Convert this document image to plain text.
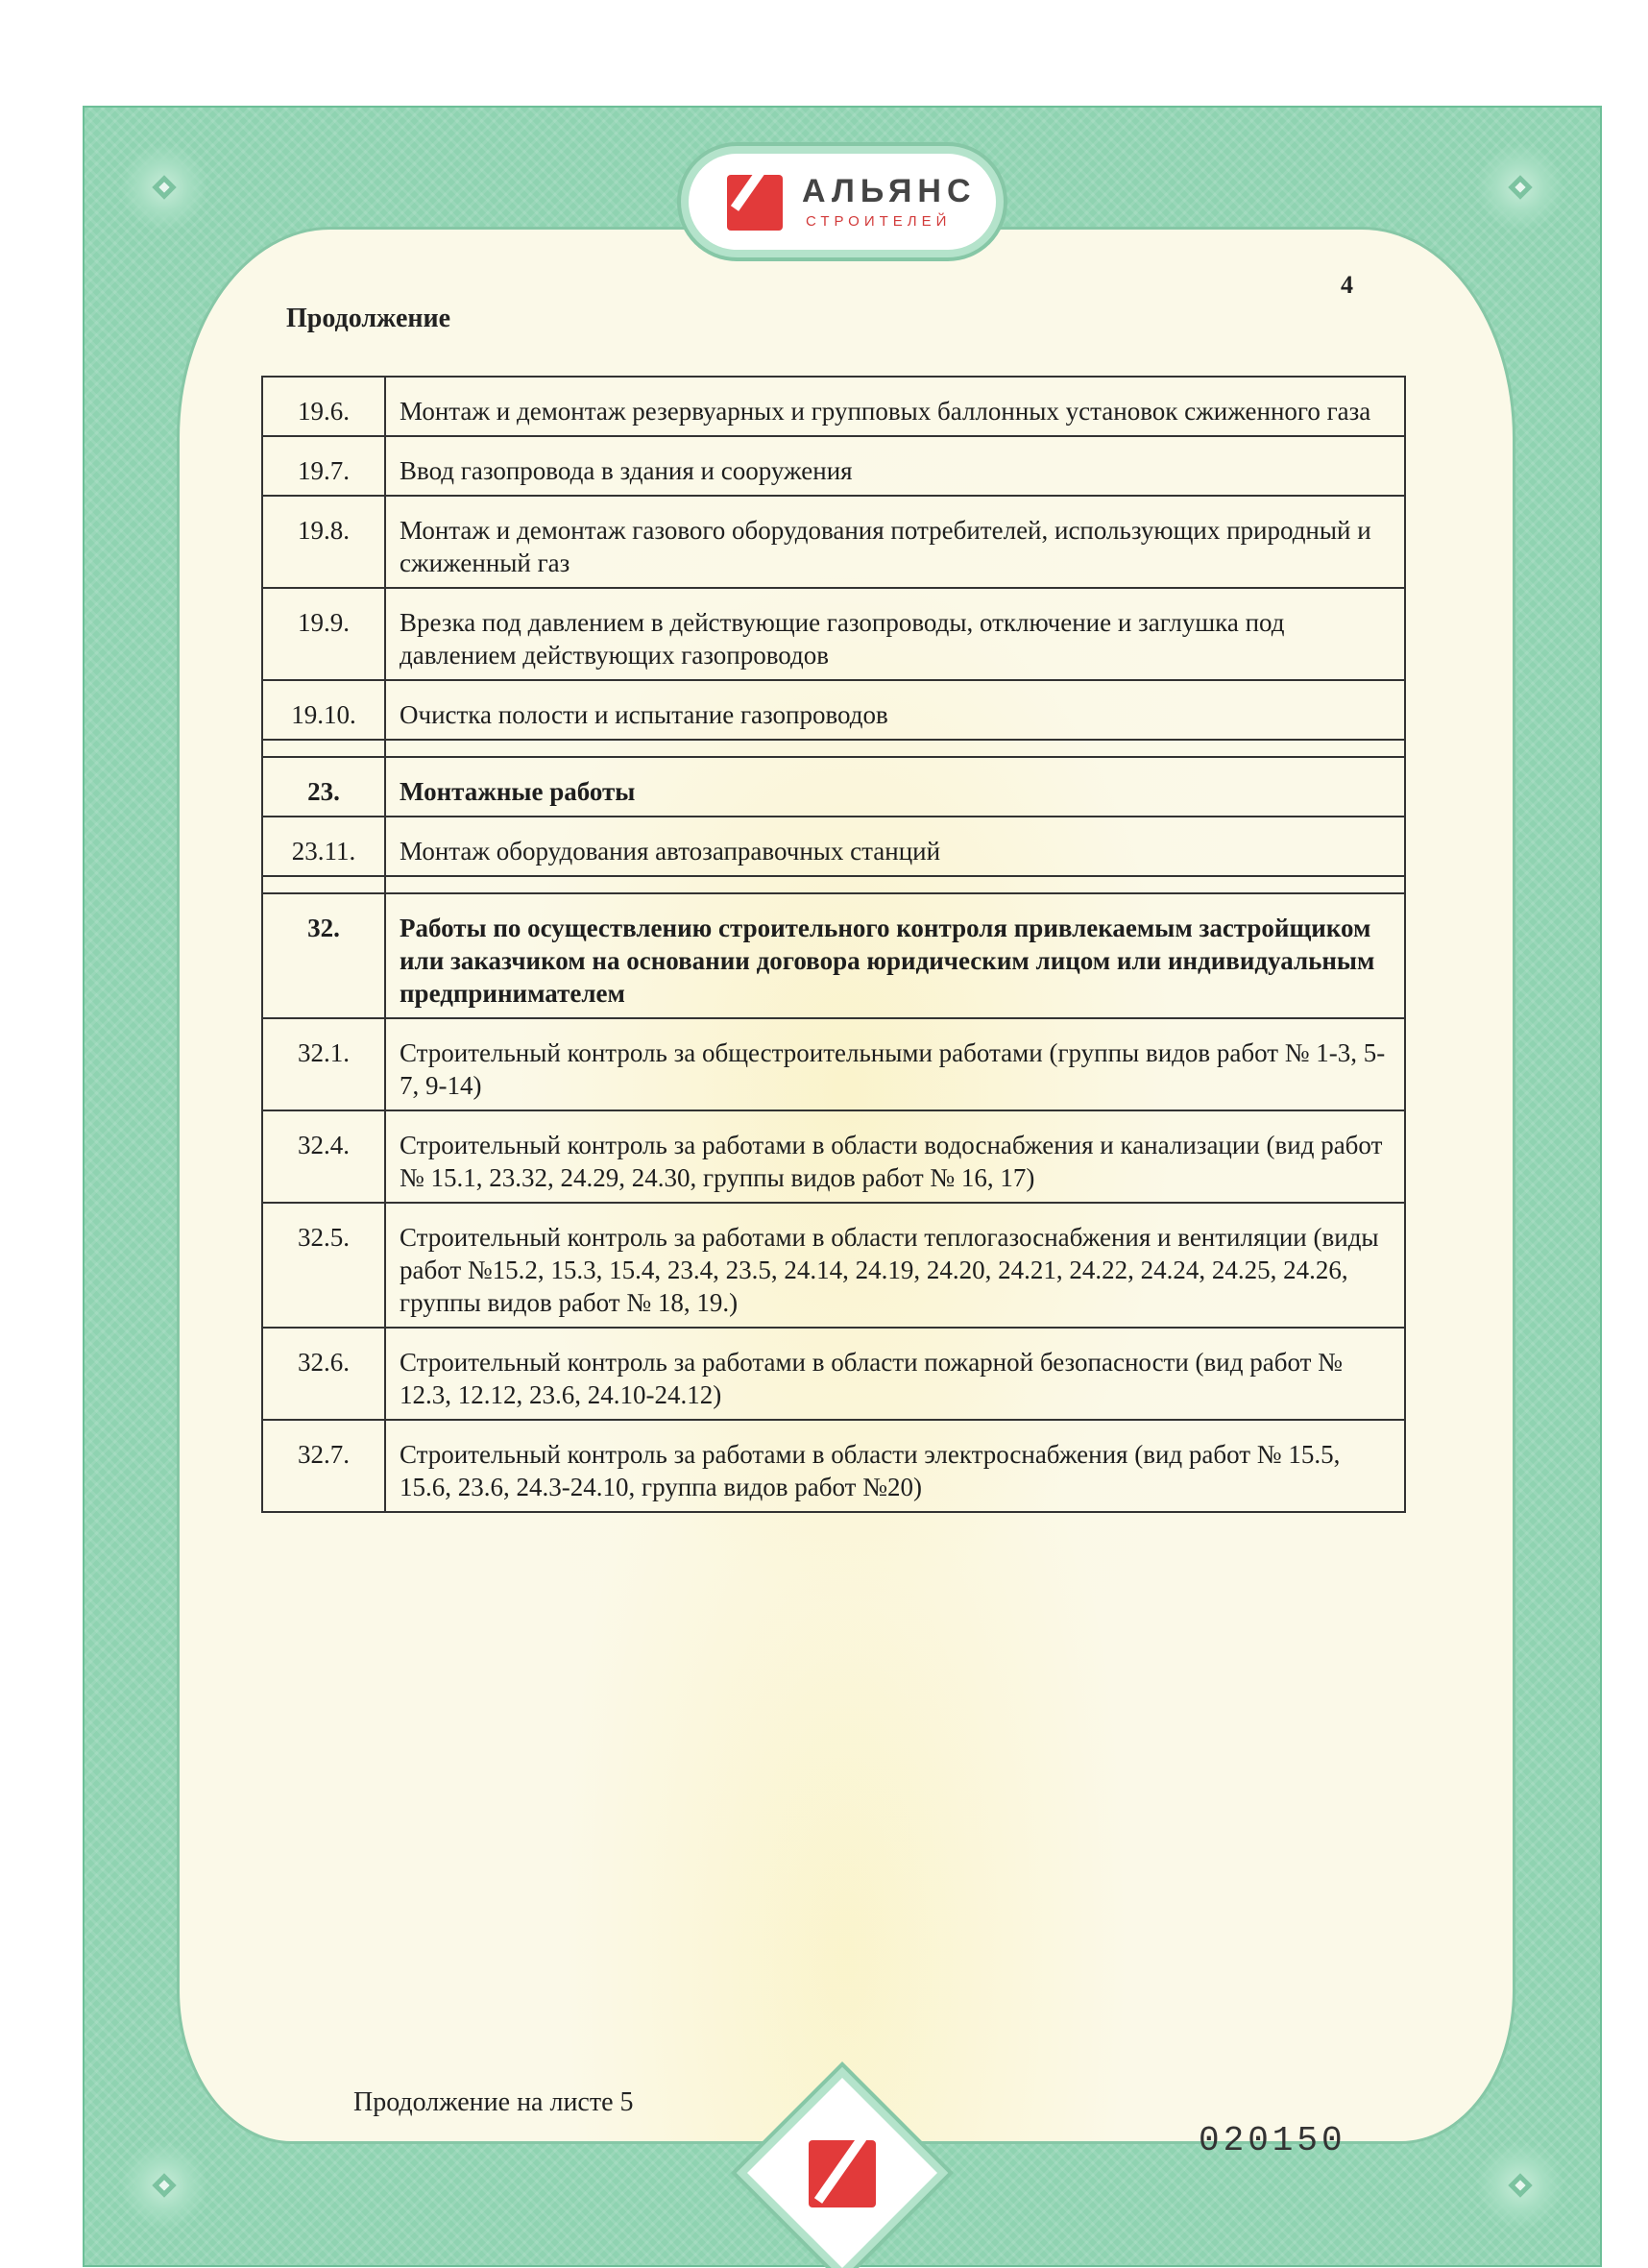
АЛЬЯНС
СТРОИТЕЛЕЙ
4
Продолжение
19.6.	Монтаж и демонтаж резервуарных и групповых баллонных установок сжиженного газа
19.7.	Ввод газопровода в здания и сооружения
19.8.	Монтаж и демонтаж газового оборудования потребителей, использующих природный и сжиженный газ
19.9.	Врезка под давлением в действующие газопроводы, отключение и заглушка под давлением действующих газопроводов
19.10.	Очистка полости и испытание газопроводов

23.	Монтажные работы
23.11.	Монтаж оборудования автозаправочных станций

32.	Работы по осуществлению строительного контроля привлекаемым застройщиком или заказчиком на основании договора юридическим лицом или индивидуальным предпринимателем
32.1.	Строительный контроль за общестроительными работами (группы видов работ № 1-3, 5-7, 9-14)
32.4.	Строительный контроль за работами в области водоснабжения и канализации (вид работ № 15.1, 23.32, 24.29, 24.30, группы видов работ № 16, 17)
32.5.	Строительный контроль за работами в области теплогазоснабжения и вентиляции (виды работ №15.2, 15.3, 15.4, 23.4, 23.5, 24.14, 24.19, 24.20, 24.21, 24.22, 24.24, 24.25, 24.26, группы видов работ № 18, 19.)
32.6.	Строительный контроль за работами в области пожарной безопасности (вид работ № 12.3, 12.12, 23.6, 24.10-24.12)
32.7.	Строительный контроль за работами в области электроснабжения (вид работ № 15.5, 15.6, 23.6, 24.3-24.10, группа видов работ №20)
Продолжение на листе 5
020150
